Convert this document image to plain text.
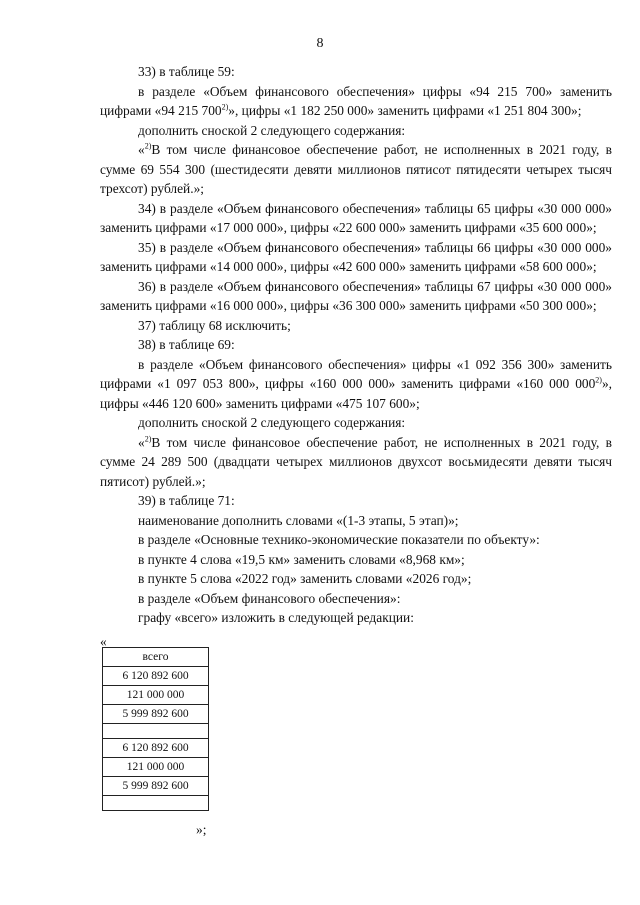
8

33) в таблице 59:

в разделе «Объем финансового обеспечения» цифры «94 215 700» заменить цифрами «94 215 700$^{2)}$», цифры «1 182 250 000» заменить цифрами «1 251 804 300»;

дополнить сноской 2 следующего содержания:

«$^{2)}$В том числе финансовое обеспечение работ, не исполненных в 2021 году, в сумме 69 554 300 (шестидесяти девяти миллионов пятисот пятидесяти четырех тысяч трехсот) рублей.»;

34) в разделе «Объем финансового обеспечения» таблицы 65 цифры «30 000 000» заменить цифрами «17 000 000», цифры «22 600 000» заменить цифрами «35 600 000»;

35) в разделе «Объем финансового обеспечения» таблицы 66 цифры «30 000 000» заменить цифрами «14 000 000», цифры «42 600 000» заменить цифрами «58 600 000»;

36) в разделе «Объем финансового обеспечения» таблицы 67 цифры «30 000 000» заменить цифрами «16 000 000», цифры «36 300 000» заменить цифрами «50 300 000»;

37) таблицу 68 исключить;

38) в таблице 69:

в разделе «Объем финансового обеспечения» цифры «1 092 356 300» заменить цифрами «1 097 053 800», цифры «160 000 000» заменить цифрами «160 000 000$^{2)}$», цифры «446 120 600» заменить цифрами «475 107 600»;

дополнить сноской 2 следующего содержания:

«$^{2)}$В том числе финансовое обеспечение работ, не исполненных в 2021 году, в сумме 24 289 500 (двадцати четырех миллионов двухсот восьмидесяти девяти тысяч пятисот) рублей.»;

39) в таблице 71:

наименование дополнить словами «(1-3 этапы, 5 этап)»;

в разделе «Основные технико-экономические показатели по объекту»:

в пункте 4 слова «19,5 км» заменить словами «8,968 км»;

в пункте 5 слова «2022 год» заменить словами «2026 год»;

в разделе «Объем финансового обеспечения»:

графу «всего» изложить в следующей редакции:

«
всего
6 120 892 600
121 000 000
5 999 892 600

6 120 892 600
121 000 000
5 999 892 600

»;
